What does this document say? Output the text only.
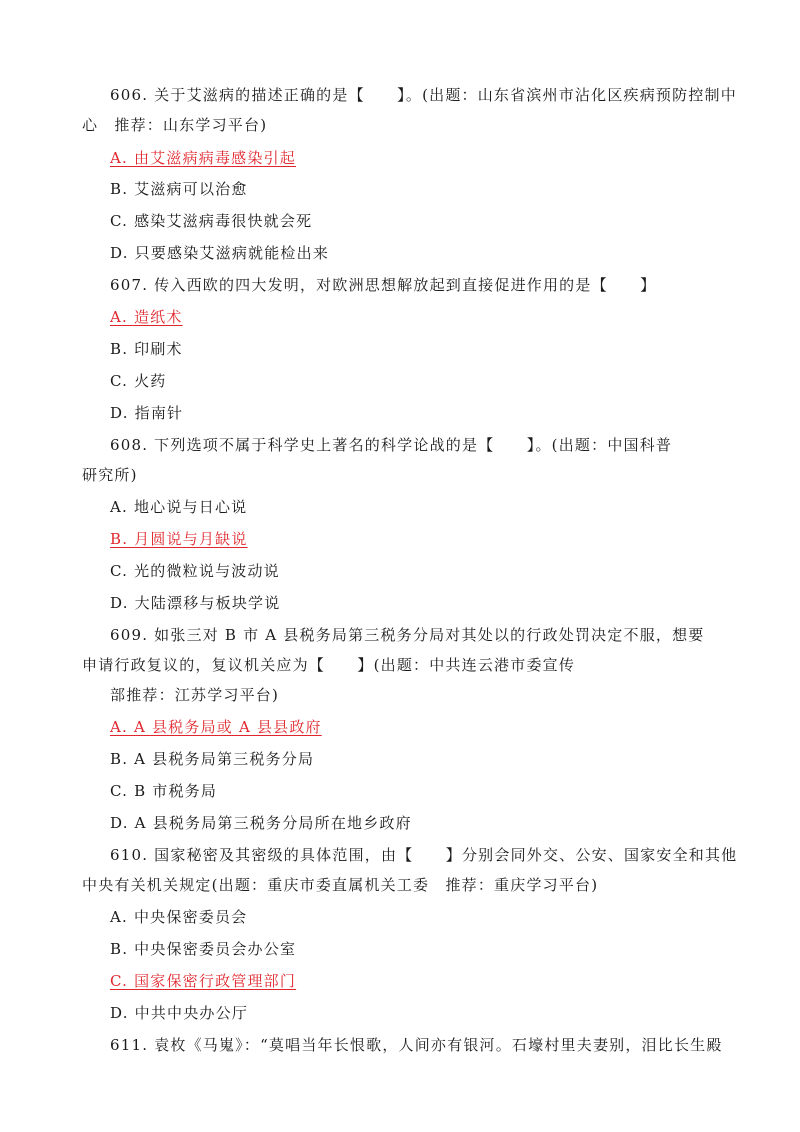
606. 关于艾滋病的描述正确的是【　　】。(出题：山东省滨州市沾化区疾病预防控制中
心　推荐：山东学习平台)
A. 由艾滋病病毒感染引起
B. 艾滋病可以治愈
C. 感染艾滋病毒很快就会死
D. 只要感染艾滋病就能检出来
607. 传入西欧的四大发明，对欧洲思想解放起到直接促进作用的是【　　】
A. 造纸术
B. 印刷术
C. 火药
D. 指南针
608. 下列选项不属于科学史上著名的科学论战的是【　　】。(出题：中国科普
研究所)
A. 地心说与日心说
B. 月圆说与月缺说
C. 光的微粒说与波动说
D. 大陆漂移与板块学说
609. 如张三对 B 市 A 县税务局第三税务分局对其处以的行政处罚决定不服，想要
申请行政复议的，复议机关应为【　　】(出题：中共连云港市委宣传
部推荐：江苏学习平台)
A. A 县税务局或 A 县县政府
B. A 县税务局第三税务分局
C. B 市税务局
D. A 县税务局第三税务分局所在地乡政府
610. 国家秘密及其密级的具体范围，由【　　】分别会同外交、公安、国家安全和其他
中央有关机关规定(出题：重庆市委直属机关工委　推荐：重庆学习平台)
A. 中央保密委员会
B. 中央保密委员会办公室
C. 国家保密行政管理部门
D. 中共中央办公厅
611. 袁枚《马嵬》：“莫唱当年长恨歌，人间亦有银河。石壕村里夫妻别，泪比长生殿
